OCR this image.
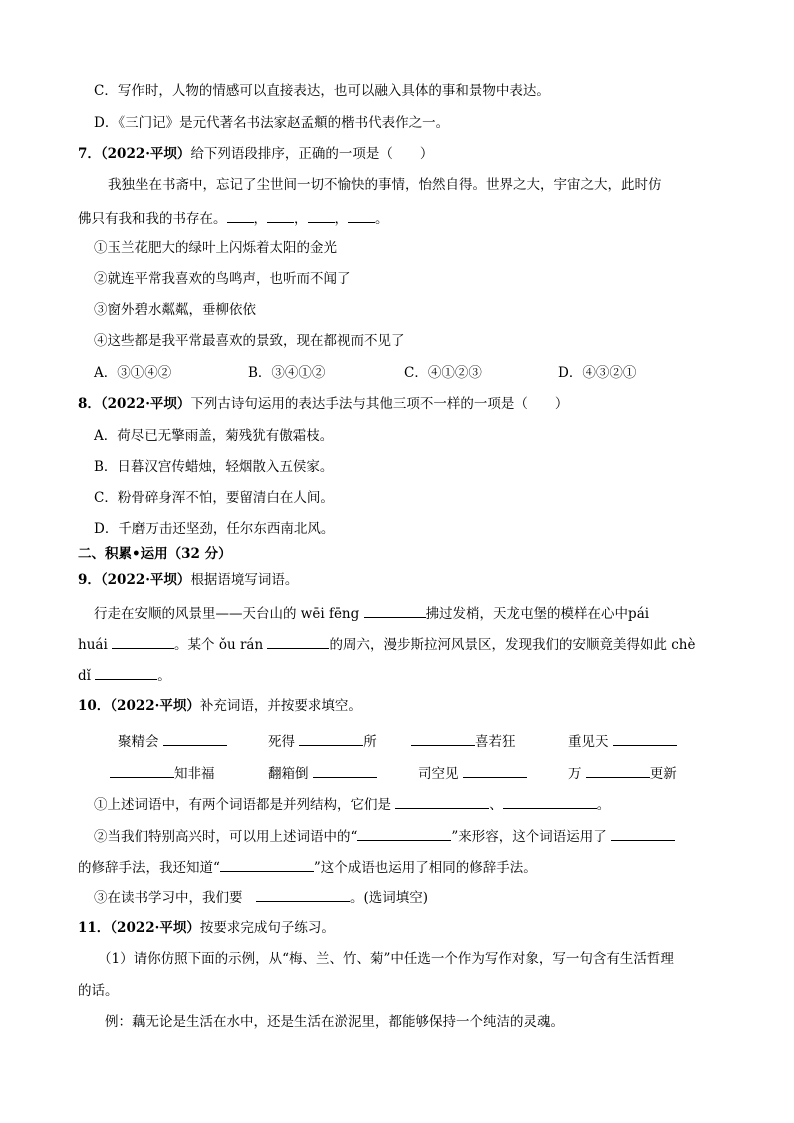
C．写作时，人物的情感可以直接表达，也可以融入具体的事和景物中表达。
D．《三门记》是元代著名书法家赵孟頫的楷书代表作之一。
7．（2022·平坝）给下列语段排序，正确的一项是（　　）
我独坐在书斋中，忘记了尘世间一切不愉快的事情，怡然自得。世界之大，宇宙之大，此时仿
佛只有我和我的书存在。 ， ， ， 。
①玉兰花肥大的绿叶上闪烁着太阳的金光
②就连平常我喜欢的鸟鸣声，也听而不闻了
③窗外碧水粼粼，垂柳依依
④这些都是我平常最喜欢的景致，现在都视而不见了
A．③①④②	B．③④①②	C．④①②③	D．④③②①
8．（2022·平坝）下列古诗句运用的表达手法与其他三项不一样的一项是（　　）
A．荷尽已无擎雨盖，菊残犹有傲霜枝。
B．日暮汉宫传蜡烛，轻烟散入五侯家。
C．粉骨碎身浑不怕，要留清白在人间。
D．千磨万击还坚劲，任尔东西南北风。
二、积累•运用（32 分）
9．（2022·平坝）根据语境写词语。
行走在安顺的风景里——天台山的 wēi fēng	拂过发梢，天龙屯堡的模样在心中pái
huái	。某个 ǒu rán	的周六，漫步斯拉河风景区，发现我们的安顺竟美得如此 chè
dǐ	。
10．（2022·平坝）补充词语，并按要求填空。
聚精会	死得	所	喜若狂	重见天
知非福	翻箱倒	司空见	万	更新
①上述词语中，有两个词语都是并列结构，它们是	、	。
②当我们特别高兴时，可以用上述词语中的“	”来形容，这个词语运用了
的修辞手法，我还知道“	”这个成语也运用了相同的修辞手法。
③在读书学习中，我们要　	。(选词填空)
11．（2022·平坝）按要求完成句子练习。
（1）请你仿照下面的示例，从“梅、兰、竹、菊”中任选一个作为写作对象，写一句含有生活哲理
的话。
例：藕无论是生活在水中，还是生活在淤泥里，都能够保持一个纯洁的灵魂。
